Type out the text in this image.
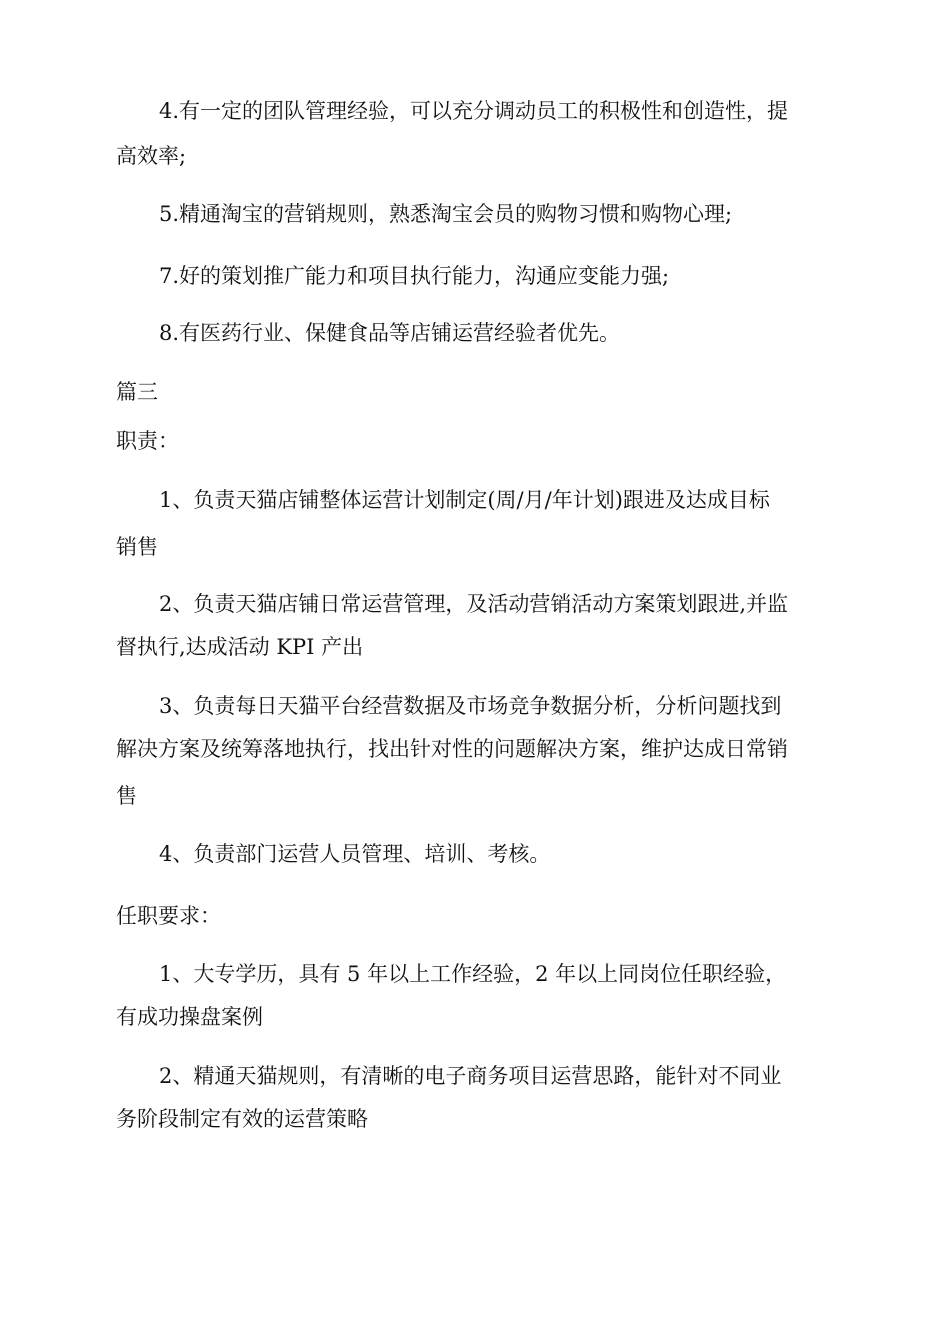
4.有一定的团队管理经验，可以充分调动员工的积极性和创造性，提
高效率;
5.精通淘宝的营销规则，熟悉淘宝会员的购物习惯和购物心理;
7.好的策划推广能力和项目执行能力，沟通应变能力强;
8.有医药行业、保健食品等店铺运营经验者优先。
篇三
职责：
1、负责天猫店铺整体运营计划制定(周/月/年计划)跟进及达成目标
销售
2、负责天猫店铺日常运营管理，及活动营销活动方案策划跟进,并监
督执行,达成活动 KPI 产出
3、负责每日天猫平台经营数据及市场竞争数据分析，分析问题找到
解决方案及统筹落地执行，找出针对性的问题解决方案，维护达成日常销
售
4、负责部门运营人员管理、培训、考核。
任职要求：
1、大专学历，具有 5 年以上工作经验，2 年以上同岗位任职经验，
有成功操盘案例
2、精通天猫规则，有清晰的电子商务项目运营思路，能针对不同业
务阶段制定有效的运营策略
